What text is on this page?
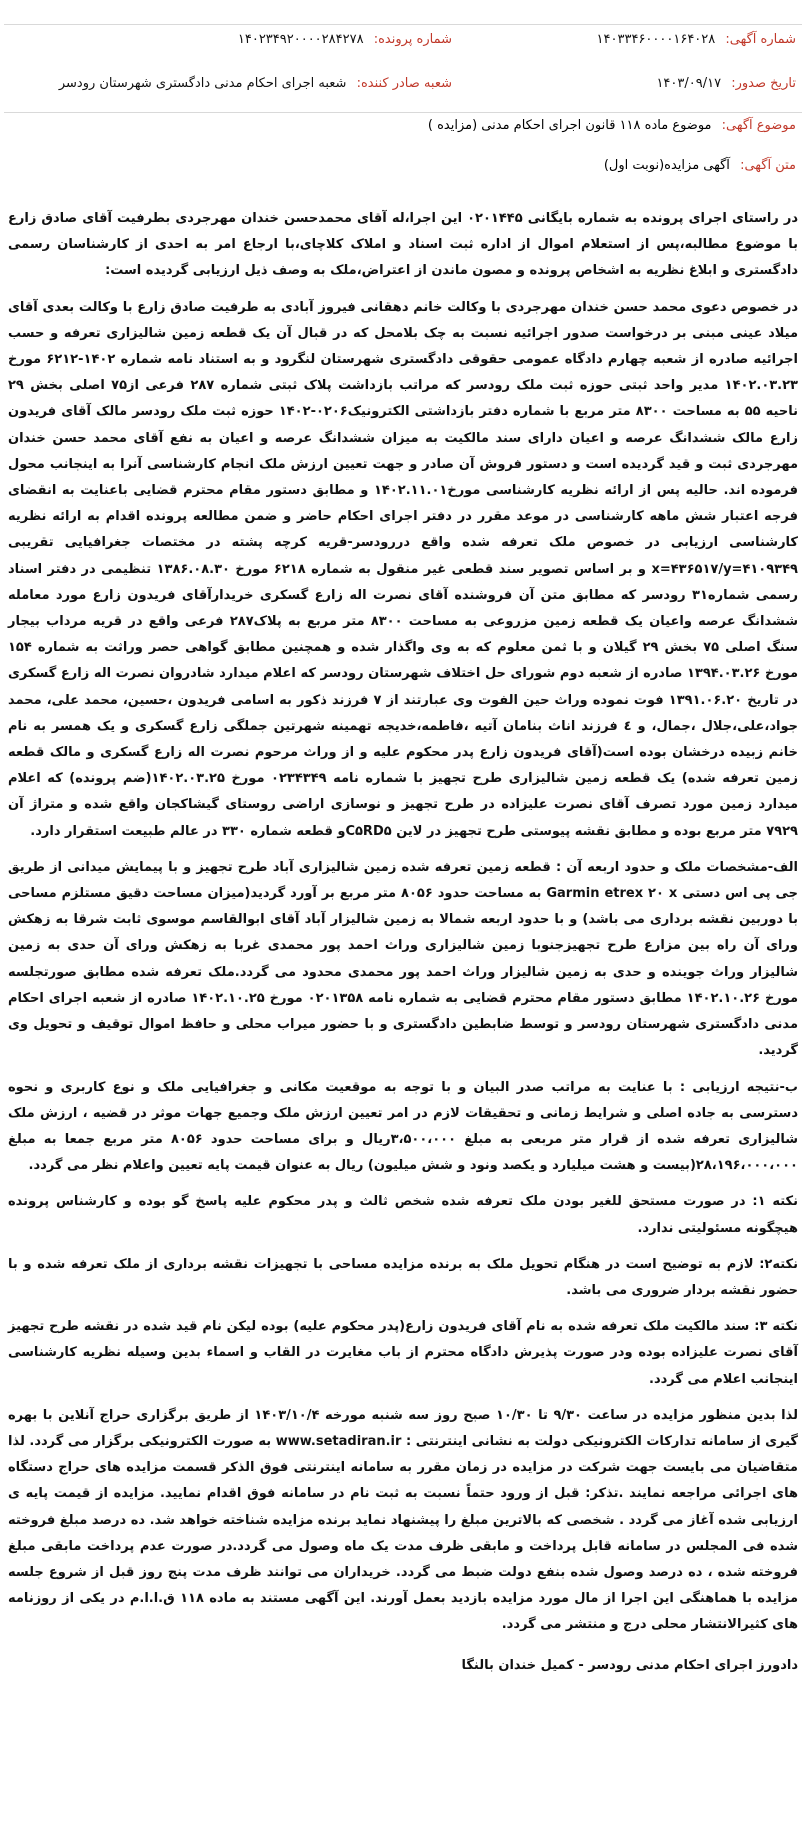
شماره آگهی: ۱۴۰۳۳۴۶۰۰۰۰۱۶۴۰۲۸
شماره پرونده: ۱۴۰۲۳۴۹۲۰۰۰۰۲۸۴۲۷۸
تاریخ صدور: ۱۴۰۳/۰۹/۱۷
شعبه صادر کننده: شعبه اجرای احکام مدنی دادگستری شهرستان رودسر
موضوع آگهی: موضوع ماده ۱۱۸ قانون اجرای احکام مدنی (مزایده )
متن آگهی: آگهی مزایده(نوبت اول)

در راستای اجرای پرونده به شماره بایگانی ۰۲۰۱۴۴۵ این اجرا،له آقای محمدحسن خندان مهرجردی بطرفیت آقای صادق زارع با موضوع مطالبه،پس از استعلام اموال از اداره ثبت اسناد و املاک کلاچای،با ارجاع امر به احدی از کارشناسان رسمی دادگستری و ابلاغ نظریه به اشخاص پرونده و مصون ماندن از اعتراض،ملک به وصف ذیل ارزیابی گردیده است:

در خصوص دعوی محمد حسن خندان مهرجردی با وکالت خانم دهقانی فیروز آبادی به طرفیت صادق زارع با وکالت بعدی آقای میلاد عینی مبنی بر درخواست صدور اجرائیه نسبت به چک بلامحل که در قبال آن یک قطعه زمین شالیزاری تعرفه و حسب اجرائیه صادره از شعبه چهارم دادگاه عمومی حقوقی دادگستری شهرستان لنگرود و به استناد نامه شماره ۱۴۰۲-۶۲۱۲ مورخ ۱۴۰۲.۰۳.۲۳ مدیر واحد ثبتی حوزه ثبت ملک رودسر که مراتب بازداشت پلاک ثبتی شماره ۲۸۷ فرعی از۷۵ اصلی بخش ۲۹ ناحیه ۵۵ به مساحت ۸۳۰۰ متر مربع با شماره دفتر بازداشتی الکترونیک۰۲۰۶-۱۴۰۲ حوزه ثبت ملک رودسر مالک آقای فریدون زارع مالک ششدانگ عرصه و اعیان دارای سند مالکیت به میزان ششدانگ عرصه و اعیان به نفع آقای محمد حسن خندان مهرجردی ثبت و قید گردیده است و دستور فروش آن صادر و جهت تعیین ارزش ملک انجام کارشناسی آنرا به اینجانب محول فرموده اند. حالیه پس از ارائه نظریه کارشناسی مورخ۱۴۰۲.۱۱.۰۱ و مطابق دستور مقام محترم قضایی باعنایت به انقضای فرجه اعتبار شش ماهه کارشناسی در موعد مقرر در دفتر اجرای احکام حاضر و ضمن مطالعه پرونده اقدام به ارائه نظریه کارشناسی ارزیابی در خصوص ملک تعرفه شده واقع دررودسر-قریه کرچه پشته در مختصات جغرافیایی تقریبی x=۴۳۶۵۱۷/y=۴۱۰۹۳۴۹ و بر اساس تصویر سند قطعی غیر منقول به شماره ۶۲۱۸ مورخ ۱۳۸۶.۰۸.۳۰ تنظیمی در دفتر اسناد رسمی شماره۳۱ رودسر که مطابق متن آن فروشنده آقای نصرت اله زارع گسکری خریدارآقای فریدون زارع مورد معامله ششدانگ عرصه واعیان یک قطعه زمین مزروعی به مساحت ۸۳۰۰ متر مربع به پلاک۲۸۷ فرعی واقع در قریه مرداب بیجار سنگ اصلی ۷۵ بخش ۲۹ گیلان و با ثمن معلوم که به وی واگذار شده و همچنین مطابق گواهی حصر وراثت به شماره ۱۵۴ مورخ ۱۳۹۴.۰۳.۲۶ صادره از شعبه دوم شورای حل اختلاف شهرستان رودسر که اعلام میدارد شادروان نصرت اله زارع گسکری در تاریخ ۱۳۹۱.۰۶.۲۰ فوت نموده وراث حین الفوت وی عبارتند از ۷ فرزند ذکور به اسامی فریدون ،حسین، محمد علی، محمد جواد،علی،جلال ،جمال، و ٤ فرزند اناث بنامان آتیه ،فاطمه،خدیجه تهمینه شهرتین جملگی زارع گسکری و یک همسر به نام خانم زبیده درخشان بوده است(آقای فریدون زارع پدر محکوم علیه و از وراث مرحوم نصرت اله زارع گسکری و مالک قطعه زمین تعرفه شده) یک قطعه زمین شالیزاری طرح تجهیز با شماره نامه ۰۲۳۴۳۴۹ مورخ ۱۴۰۲.۰۳.۲۵(ضم پرونده) که اعلام میدارد زمین مورد تصرف آقای نصرت علیزاده در طرح تجهیز و نوسازی اراضی روستای گیشاکجان واقع شده و متراژ آن ۷۹۲۹ متر مربع بوده و مطابق نقشه پیوستی طرح تجهیز در لاین C۵RD۵و قطعه شماره ۳۳۰ در عالم طبیعت استقرار دارد.

الف-مشخصات ملک و حدود اربعه آن : قطعه زمین تعرفه شده زمین شالیزاری آباد طرح تجهیز و با پیمایش میدانی از طریق جی پی اس دستی Garmin etrex ۲۰ x به مساحت حدود ۸۰۵۶ متر مربع بر آورد گردید(میزان مساحت دقیق مستلزم مساحی با دوربین نقشه برداری می باشد) و با حدود اربعه شمالا به زمین شالیزار آباد آقای ابوالقاسم موسوی ثابت شرقا به زهکش ورای آن راه بین مزارع طرح تجهیزجنوبا زمین شالیزاری وراث احمد پور محمدی غربا به زهکش ورای آن حدی به زمین شالیزار وراث جوینده و حدی به زمین شالیزار وراث احمد پور محمدی محدود می گردد.ملک تعرفه شده مطابق صورتجلسه مورخ ۱۴۰۲.۱۰.۲۶ مطابق دستور مقام محترم قضایی به شماره نامه ۰۲۰۱۳۵۸ مورخ ۱۴۰۲.۱۰.۲۵ صادره از شعبه اجرای احکام مدنی دادگستری شهرستان رودسر و توسط ضابطین دادگستری و با حضور میراب محلی و حافظ اموال توقیف و تحویل وی گردید.

ب-نتیجه ارزیابی : با عنایت به مراتب صدر البیان و با توجه به موقعیت مکانی و جغرافیایی ملک و نوع کاربری و نحوه دسترسی به جاده اصلی و شرایط زمانی و تحقیقات لازم در امر تعیین ارزش ملک وجمیع جهات موثر در قضیه ، ارزش ملک شالیزاری تعرفه شده از قرار متر مربعی به مبلغ ۳،۵۰۰،۰۰۰ریال و برای مساحت حدود ۸۰۵۶ متر مربع جمعا به مبلغ ۲۸،۱۹۶،۰۰۰،۰۰۰(بیست و هشت میلیارد و یکصد ونود و شش میلیون) ریال به عنوان قیمت پایه تعیین واعلام نظر می گردد.

نکته ۱: در صورت مستحق للغیر بودن ملک تعرفه شده شخص ثالث و پدر محکوم علیه پاسخ گو بوده و کارشناس پرونده هیچگونه مسئولیتی ندارد.

نکته۲: لازم به توضیح است در هنگام تحویل ملک به برنده مزایده مساحی با تجهیزات نقشه برداری از ملک تعرفه شده و با حضور نقشه بردار ضروری می باشد.

نکته ۳: سند مالکیت ملک تعرفه شده به نام آقای فریدون زارع(پدر محکوم علیه) بوده لیکن نام قید شده در نقشه طرح تجهیز آقای نصرت علیزاده بوده ودر صورت پذیرش دادگاه محترم از باب مغایرت در القاب و اسماء بدین وسیله نظریه کارشناسی اینجانب اعلام می گردد.

لذا بدین منظور مزایده در ساعت ۹/۳۰ تا ۱۰/۳۰ صبح روز سه شنبه مورخه ۱۴۰۳/۱۰/۴ از طریق برگزاری حراج آنلاین با بهره گیری از سامانه تدارکات الکترونیکی دولت به نشانی اینترنتی : www.setadiran.ir به صورت الکترونیکی برگزار می گردد. لذا متقاضیان می بایست جهت شرکت در مزایده در زمان مقرر به سامانه اینترنتی فوق الذکر قسمت مزایده های حراج دستگاه های اجرائی مراجعه نمایند .تذکر: قبل از ورود حتماً نسبت به ثبت نام در سامانه فوق اقدام نمایید. مزایده از قیمت پایه ی ارزیابی شده آغاز می گردد . شخصی که بالاترین مبلغ را پیشنهاد نماید برنده مزایده شناخته خواهد شد. ده درصد مبلغ فروخته شده فی المجلس در سامانه قابل پرداخت و مابقی ظرف مدت یک ماه وصول می گردد.در صورت عدم پرداخت مابقی مبلغ فروخته شده ، ده درصد وصول شده بنفع دولت ضبط می گردد. خریداران می توانند ظرف مدت پنج روز قبل از شروع جلسه مزایده با هماهنگی این اجرا از مال مورد مزایده بازدید بعمل آورند. این آگهی مستند به ماده ۱۱۸ ق.ا.ا.م در یکی از روزنامه های کثیرالانتشار محلی درج و منتشر می گردد.

دادورز اجرای احکام مدنی رودسر - کمیل خندان بالنگا
